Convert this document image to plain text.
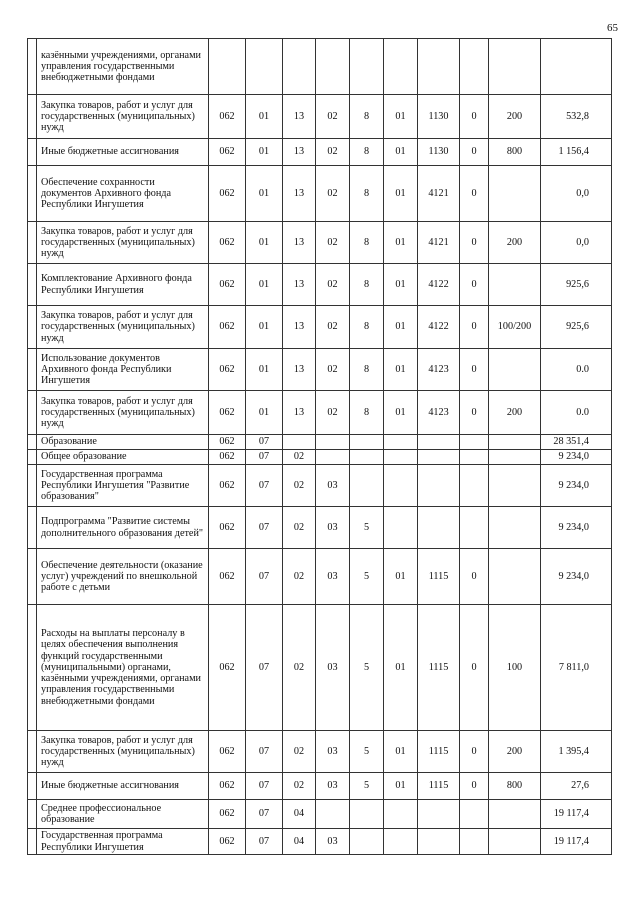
65
	казёнными учреждениями, органами управления государственными внебюджетными фондами										
	Закупка товаров, работ и услуг для государственных (муниципальных) нужд	062	01	13	02	8	01	1130	0	200	532,8
	Иные бюджетные ассигнования	062	01	13	02	8	01	1130	0	800	1 156,4
	Обеспечение сохранности документов Архивного фонда Республики Ингушетия	062	01	13	02	8	01	4121	0		0,0
	Закупка товаров, работ и услуг для государственных (муниципальных) нужд	062	01	13	02	8	01	4121	0	200	0,0
	Комплектование Архивного фонда Республики Ингушетия	062	01	13	02	8	01	4122	0		925,6
	Закупка товаров, работ и услуг для государственных (муниципальных) нужд	062	01	13	02	8	01	4122	0	100/200	925,6
	Использование документов Архивного фонда Республики Ингушетия	062	01	13	02	8	01	4123	0		0.0
	Закупка товаров, работ и услуг для государственных (муниципальных) нужд	062	01	13	02	8	01	4123	0	200	0.0
	Образование	062	07								28 351,4
	Общее образование	062	07	02							9 234,0
	Государственная программа Республики Ингушетия "Развитие образования"	062	07	02	03						9 234,0
	Подпрограмма "Развитие системы дополнительного образования детей"	062	07	02	03	5					9 234,0
	Обеспечение деятельности (оказание услуг) учреждений по внешкольной работе с детьми	062	07	02	03	5	01	1115	0		9 234,0
	Расходы на выплаты персоналу в целях обеспечения выполнения функций государственными (муниципальными) органами, казёнными учреждениями, органами управления государственными внебюджетными фондами	062	07	02	03	5	01	1115	0	100	7 811,0
	Закупка товаров, работ и услуг для государственных (муниципальных) нужд	062	07	02	03	5	01	1115	0	200	1 395,4
	Иные бюджетные ассигнования	062	07	02	03	5	01	1115	0	800	27,6
	Среднее профессиональное образование	062	07	04							19 117,4
	Государственная программа Республики Ингушетия	062	07	04	03						19 117,4
